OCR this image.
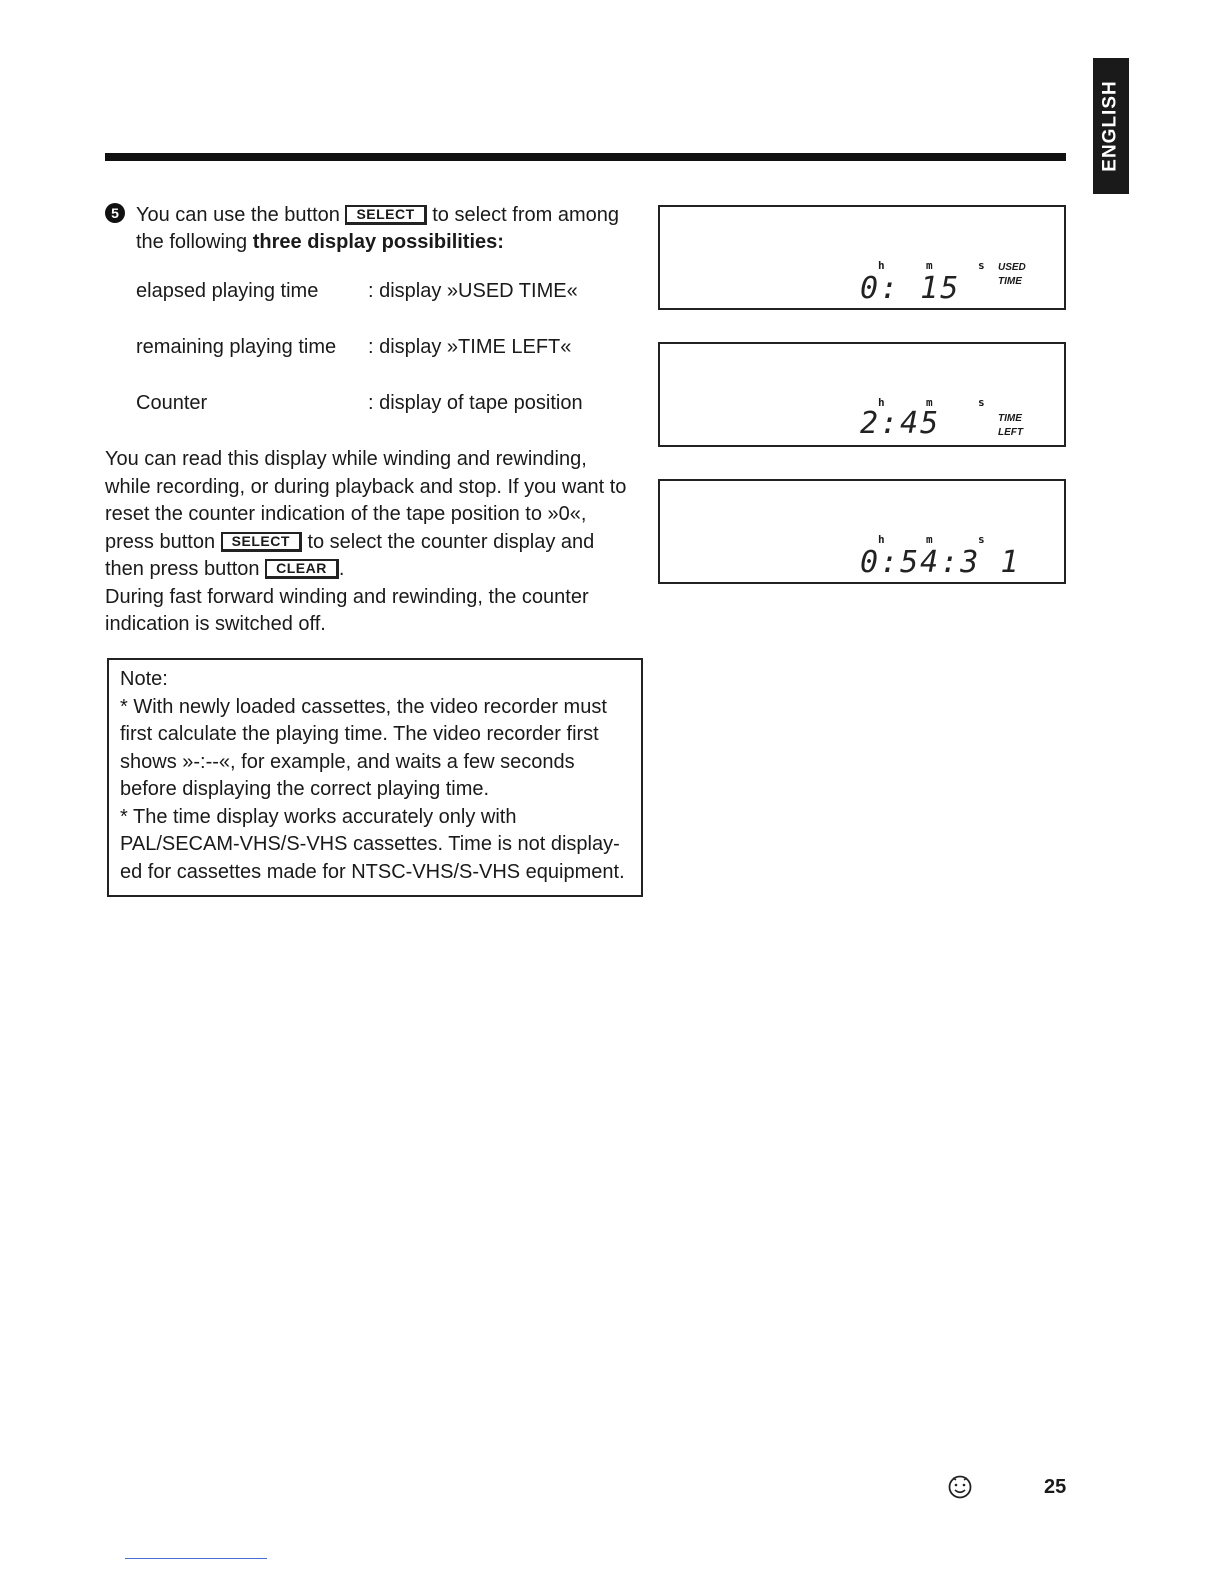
ENGLISH
5 You can use the button SELECT to select from among
the following three display possibilities:
elapsed playing time : display »USED TIME«
remaining playing time : display »TIME LEFT«
Counter	: display of tape position
You can read this display while winding and rewinding,
while recording, or during playback and stop. If you want to
reset the counter indication of the tape position to »0«,
press button SELECT to select the counter display and
then press button CLEAR .
During fast forward winding and rewinding, the counter
indication is switched off.

Note:

* With newly loaded cassettes, the video recorder must

first calculate the playing time. The video recorder first

shows »-:--«, for example, and waits a few seconds

before displaying the correct playing time.

* The time display works accurately only with

PAL/SECAM-VHS/S-VHS cassettes. Time is not display-

ed for cassettes made for NTSC-VHS/S-VHS equipment.

h	m	s
0: 15
USED
TIME
h	m	s
2:45	TIME
LEFT
h	m	s
0:54:3 1
25
